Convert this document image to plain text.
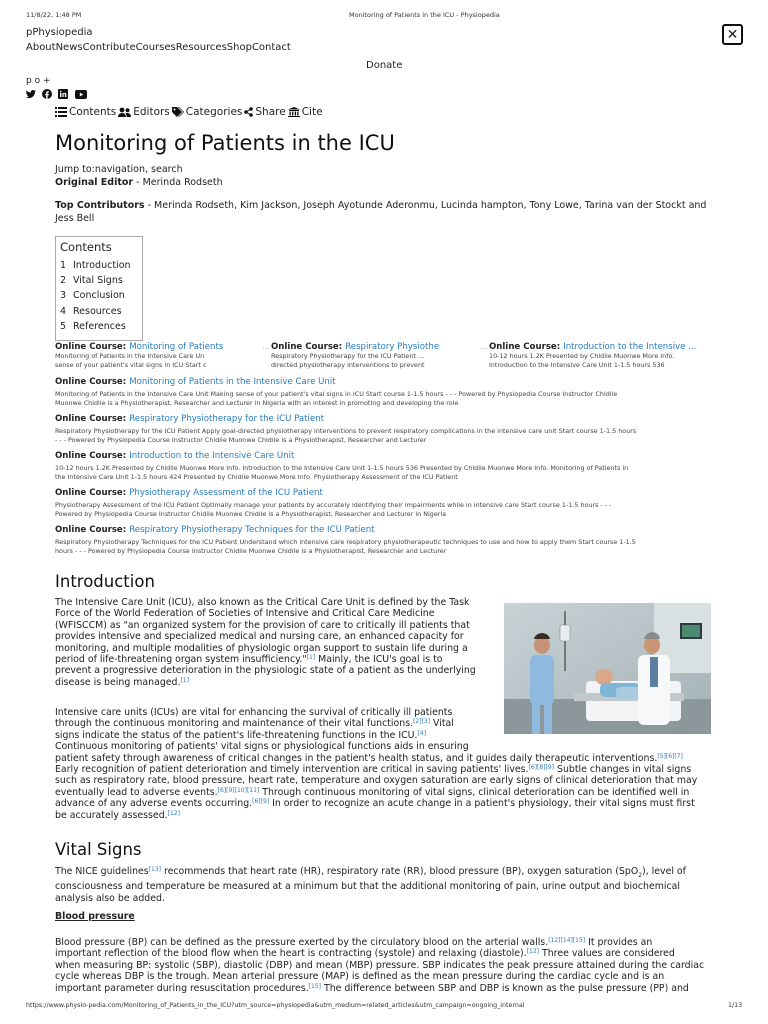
11/8/22, 1:48 PM	Monitoring of Patients in the ICU - Physiopedia
pPhysiopedia
AboutNewsContributeCoursesResourcesShopContact
✕
Donate
p o +

Contents Editors Categories Share Cite
Monitoring of Patients in the ICU
Jump to:navigation, search
Original Editor - Merinda Rodseth
Top Contributors - Merinda Rodseth, Kim Jackson, Joseph Ayotunde Aderonmu, Lucinda hampton, Tony Lowe, Tarina van der Stockt and Jess Bell
Contents
1 Introduction
2 Vital Signs
3 Conclusion
4 Resources
5 References
Online Course: Monitoring of Patients
Monitoring of Patients in the Intensive Care Un
sense of your patient's vital signs in ICU Start c
… Online Course: Respiratory Physiothe
Respiratory Physiotherapy for the ICU Patient ...
directed physiotherapy interventions to prevent
… Online Course: Introduction to the Intensive ...
10-12 hours 1.2K Presented by Chidile Muonwe More Info.
Introduction to the Intensive Care Unit 1-1.5 hours 536
Online Course: Monitoring of Patients in the Intensive Care Unit
Monitoring of Patients in the Intensive Care Unit Making sense of your patient's vital signs in ICU Start course 1-1.5 hours - - - Powered by Physiopedia Course Instructor Chidile
Muonwe Chidile is a Physiotherapist, Researcher and Lecturer in Nigeria with an interest in promoting and developing the role
Online Course: Respiratory Physiotherapy for the ICU Patient
Respiratory Physiotherapy for the ICU Patient Apply goal-directed physiotherapy interventions to prevent respiratory complications in the intensive care unit Start course 1-1.5 hours
- - - Powered by Physiopedia Course Instructor Chidile Muonwe Chidile is a Physiotherapist, Researcher and Lecturer
Online Course: Introduction to the Intensive Care Unit
10-12 hours 1.2K Presented by Chidile Muonwe More Info. Introduction to the Intensive Care Unit 1-1.5 hours 536 Presented by Chidile Muonwe More Info. Monitoring of Patients in
the Intensive Care Unit 1-1.5 hours 424 Presented by Chidile Muonwe More Info. Physiotherapy Assessment of the ICU Patient
Online Course: Physiotherapy Assessment of the ICU Patient
Physiotherapy Assessment of the ICU Patient Optimally manage your patients by accurately identifying their impairments while in intensive care Start course 1-1.5 hours - - -
Powered by Physiopedia Course Instructor Chidile Muonwe Chidile is a Physiotherapist, Researcher and Lecturer in Nigeria
Online Course: Respiratory Physiotherapy Techniques for the ICU Patient
Respiratory Physiotherapy Techniques for the ICU Patient Understand which intensive care respiratory physiotherapeutic techniques to use and how to apply them Start course 1-1.5
hours - - - Powered by Physiopedia Course Instructor Chidile Muonwe Chidile is a Physiotherapist, Researcher and Lecturer
Introduction
The Intensive Care Unit (ICU), also known as the Critical Care Unit is defined by the Task
Force of the World Federation of Societies of Intensive and Critical Care Medicine
(WFISCCM) as "an organized system for the provision of care to critically ill patients that
provides intensive and specialized medical and nursing care, an enhanced capacity for
monitoring, and multiple modalities of physiologic organ support to sustain life during a
period of life-threatening organ system insufficiency."[1] Mainly, the ICU's goal is to
prevent a progressive deterioration in the physiologic state of a patient as the underlying
disease is being managed.[1]
Intensive care units (ICUs) are vital for enhancing the survival of critically ill patients
through the continuous monitoring and maintenance of their vital functions.[2][3] Vital
signs indicate the status of the patient's life-threatening functions in the ICU.[4]
Continuous monitoring of patients' vital signs or physiological functions aids in ensuring
patient safety through awareness of critical changes in the patient's health status, and it guides daily therapeutic interventions.[5][6][7]
Early recognition of patient deterioration and timely intervention are critical in saving patients' lives.[6][8][9] Subtle changes in vital signs
such as respiratory rate, blood pressure, heart rate, temperature and oxygen saturation are early signs of clinical deterioration that may
eventually lead to adverse events.[6][9][10][11] Through continuous monitoring of vital signs, clinical deterioration can be identified well in
advance of any adverse events occurring.[6][9] In order to recognize an acute change in a patient's physiology, their vital signs must first
be accurately assessed.[12]
Vital Signs
The NICE guidelines[13] recommends that heart rate (HR), respiratory rate (RR), blood pressure (BP), oxygen saturation (SpO$_2$), level of
consciousness and temperature be measured at a minimum but that the additional monitoring of pain, urine output and biochemical
analysis also be added.
Blood pressure
Blood pressure (BP) can be defined as the pressure exerted by the circulatory blood on the arterial walls.[12][14][15] It provides an
important reflection of the blood flow when the heart is contracting (systole) and relaxing (diastole).[12] Three values are considered
when measuring BP: systolic (SBP), diastolic (DBP) and mean (MBP) pressure. SBP indicates the peak pressure attained during the cardiac
cycle whereas DBP is the trough. Mean arterial pressure (MAP) is defined as the mean pressure during the cardiac cycle and is an
important parameter during resuscitation procedures.[15] The difference between SBP and DBP is known as the pulse pressure (PP) and
https://www.physio-pedia.com/Monitoring_of_Patients_in_the_ICU?utm_source=physiopedia&utm_medium=related_articles&utm_campaign=ongoing_internal	1/13
